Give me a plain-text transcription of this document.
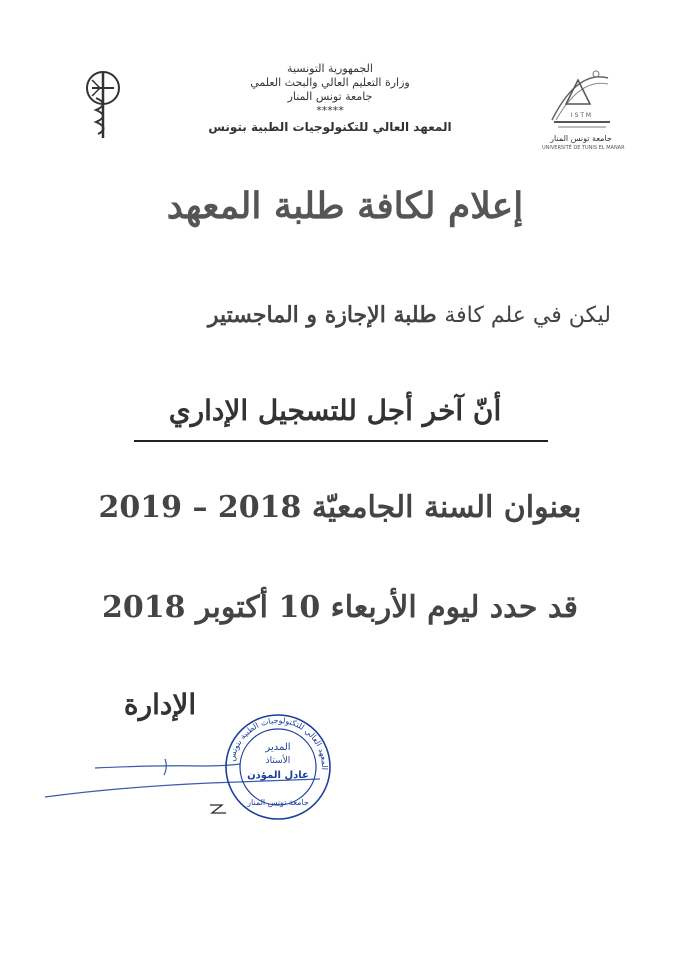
الجمهورية التونسية
وزارة التعليم العالي والبحث العلمي
جامعة تونس المنار
*****
المعهد العالي للتكنولوجيات الطبية بتونس
I S T M
جامعة تونس المنار
UNIVERSITÉ DE TUNIS EL MANAR
إعلام لكافة طلبة المعهد
ليكن في علم كافة طلبة الإجازة و الماجستير
أنّ آخر أجل للتسجيل الإداري
بعنوان السنة الجامعيّة 2018 – 2019
قد حدد ليوم الأربعاء 10 أكتوبر 2018
الإدارة
المعهد العالي للتكنولوجيات الطبية بتونس
المدير
الأستاذ
عادل المؤذن
جامعة تونس المنار
